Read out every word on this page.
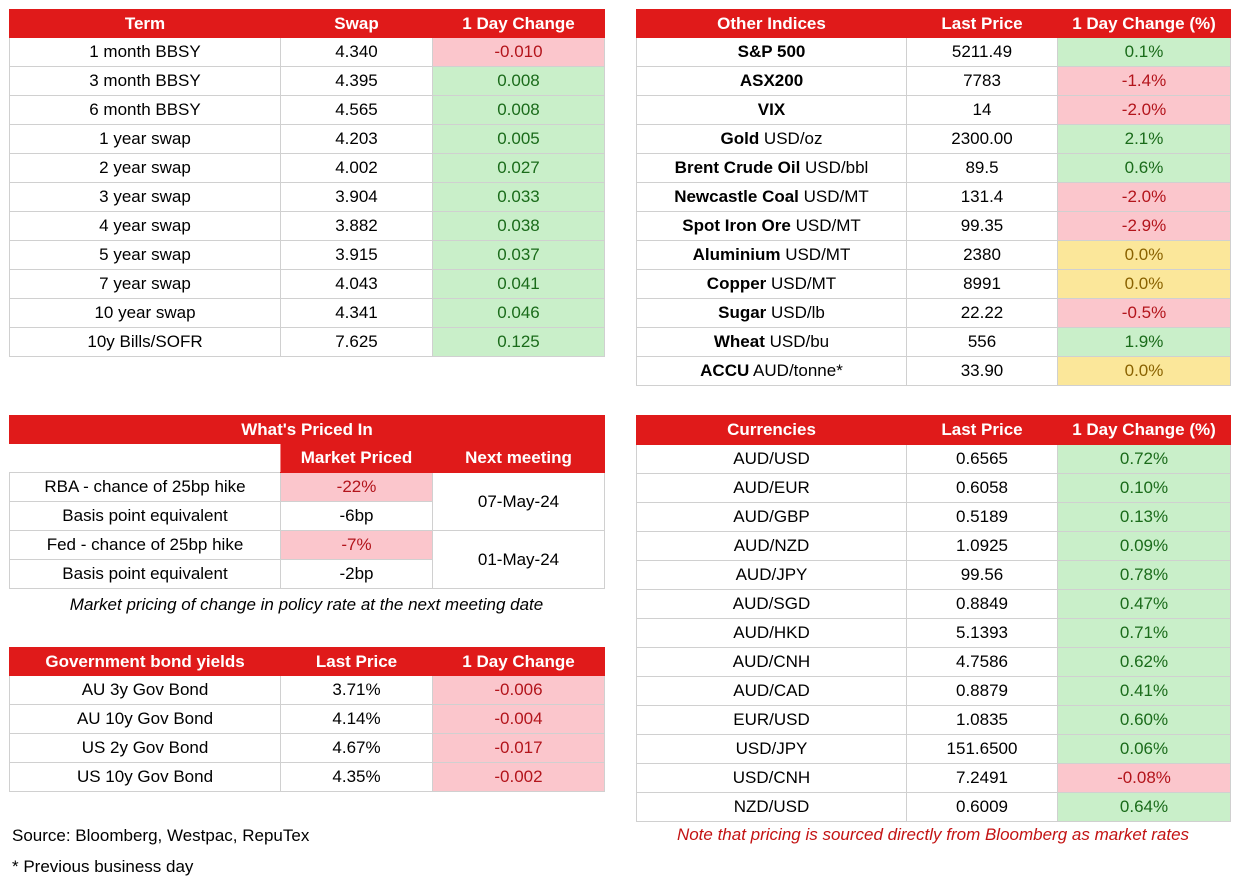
Term	Swap	1 Day Change
1 month BBSY	4.340	-0.010
3 month BBSY	4.395	0.008
6 month BBSY	4.565	0.008
1 year swap	4.203	0.005
2 year swap	4.002	0.027
3 year swap	3.904	0.033
4 year swap	3.882	0.038
5 year swap	3.915	0.037
7 year swap	4.043	0.041
10 year swap	4.341	0.046
10y Bills/SOFR	7.625	0.125
Other Indices	Last Price	1 Day Change (%)
S&P 500	5211.49	0.1%
ASX200	7783	-1.4%
VIX	14	-2.0%
Gold USD/oz	2300.00	2.1%
Brent Crude Oil USD/bbl	89.5	0.6%
Newcastle Coal USD/MT	131.4	-2.0%
Spot Iron Ore USD/MT	99.35	-2.9%
Aluminium USD/MT	2380	0.0%
Copper USD/MT	8991	0.0%
Sugar USD/lb	22.22	-0.5%
Wheat USD/bu	556	1.9%
ACCU AUD/tonne*	33.90	0.0%
What's Priced In		
	Market Priced	Next meeting
RBA - chance of 25bp hike	-22%	07-May-24
Basis point equivalent	-6bp	
Fed - chance of 25bp hike	-7%	01-May-24
Basis point equivalent	-2bp	
Market pricing of change in policy rate at the next meeting date
Government bond yields	Last Price	1 Day Change
AU 3y Gov Bond	3.71%	-0.006
AU 10y Gov Bond	4.14%	-0.004
US 2y Gov Bond	4.67%	-0.017
US 10y Gov Bond	4.35%	-0.002
Currencies	Last Price	1 Day Change (%)
AUD/USD	0.6565	0.72%
AUD/EUR	0.6058	0.10%
AUD/GBP	0.5189	0.13%
AUD/NZD	1.0925	0.09%
AUD/JPY	99.56	0.78%
AUD/SGD	0.8849	0.47%
AUD/HKD	5.1393	0.71%
AUD/CNH	4.7586	0.62%
AUD/CAD	0.8879	0.41%
EUR/USD	1.0835	0.60%
USD/JPY	151.6500	0.06%
USD/CNH	7.2491	-0.08%
NZD/USD	0.6009	0.64%
Note that pricing is sourced directly from Bloomberg as market rates
Source: Bloomberg, Westpac, RepuTex
* Previous business day
